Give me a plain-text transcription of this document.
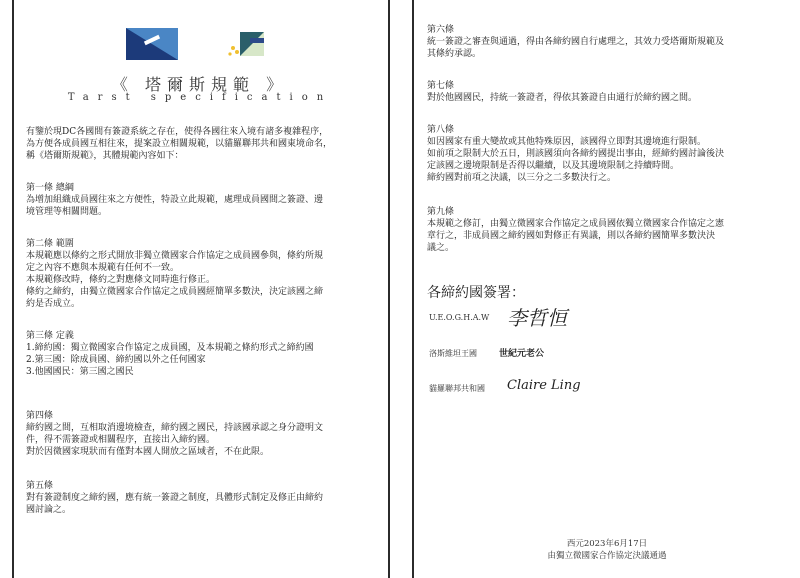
《 塔爾斯規範 》
Tarst specification
有鑒於現DC各國間有簽證系統之存在，使得各國往來入境有諸多複雜程序，
為方便各成員國互相往來，提案設立相關規範，以貓羅聯邦共和國東境命名，
稱《塔爾斯規範》，其體規範內容如下：
第一條 總綱
為增加組織成員國往來之方便性，特設立此規範，處理成員國間之簽證、邊
境管理等相關問題。
第二條 範圍
本規範應以條約之形式開放非獨立微國家合作協定之成員國參與，條約所規
定之內容不應與本規範有任何不一致。
本規範修改時，條約之對應條文同時進行修正。
條約之締約，由獨立微國家合作協定之成員國經簡單多數決，決定該國之締
約是否成立。
第三條 定義
1.締約國：獨立微國家合作協定之成員國，及本規範之條約形式之締約國
2.第三國：除成員國、締約國以外之任何國家
3.他國國民：第三國之國民
第四條
締約國之間，互相取消邊境檢查，締約國之國民，持該國承認之身分證明文
件，得不需簽證或相關程序，直接出入締約國。
對於因微國家現狀而有僅對本國人開放之區域者，不在此限。
第五條
對有簽證制度之締約國，應有統一簽證之制度，具體形式制定及修正由締約
國討論之。
第六條
統一簽證之審查與通過，得由各締約國自行處理之，其效力受塔爾斯規範及
其條約承認。
第七條
對於他國國民，持統一簽證者，得依其簽證自由通行於締約國之間。
第八條
如因國家有重大變故或其他特殊原因，該國得立即對其邊境進行限制。
如前項之限制大於五日，則該國須向各締約國提出事由，經締約國討論後決
定該國之邊境限制是否得以繼續，以及其邊境限制之持續時間。
締約國對前項之決議，以三分之二多數決行之。
第九條
本規範之修訂，由獨立微國家合作協定之成員國依獨立微國家合作協定之憲
章行之，非成員國之締約國如對修正有異議，則以各締約國簡單多數決決
議之。
各締約國簽署：
U.E.O.G.H.A.W 李哲恒
洛斯維坦王國 世紀元老公
貓羅聯邦共和國 Claire Ling
西元2023年6月17日
由獨立微國家合作協定決議通過
